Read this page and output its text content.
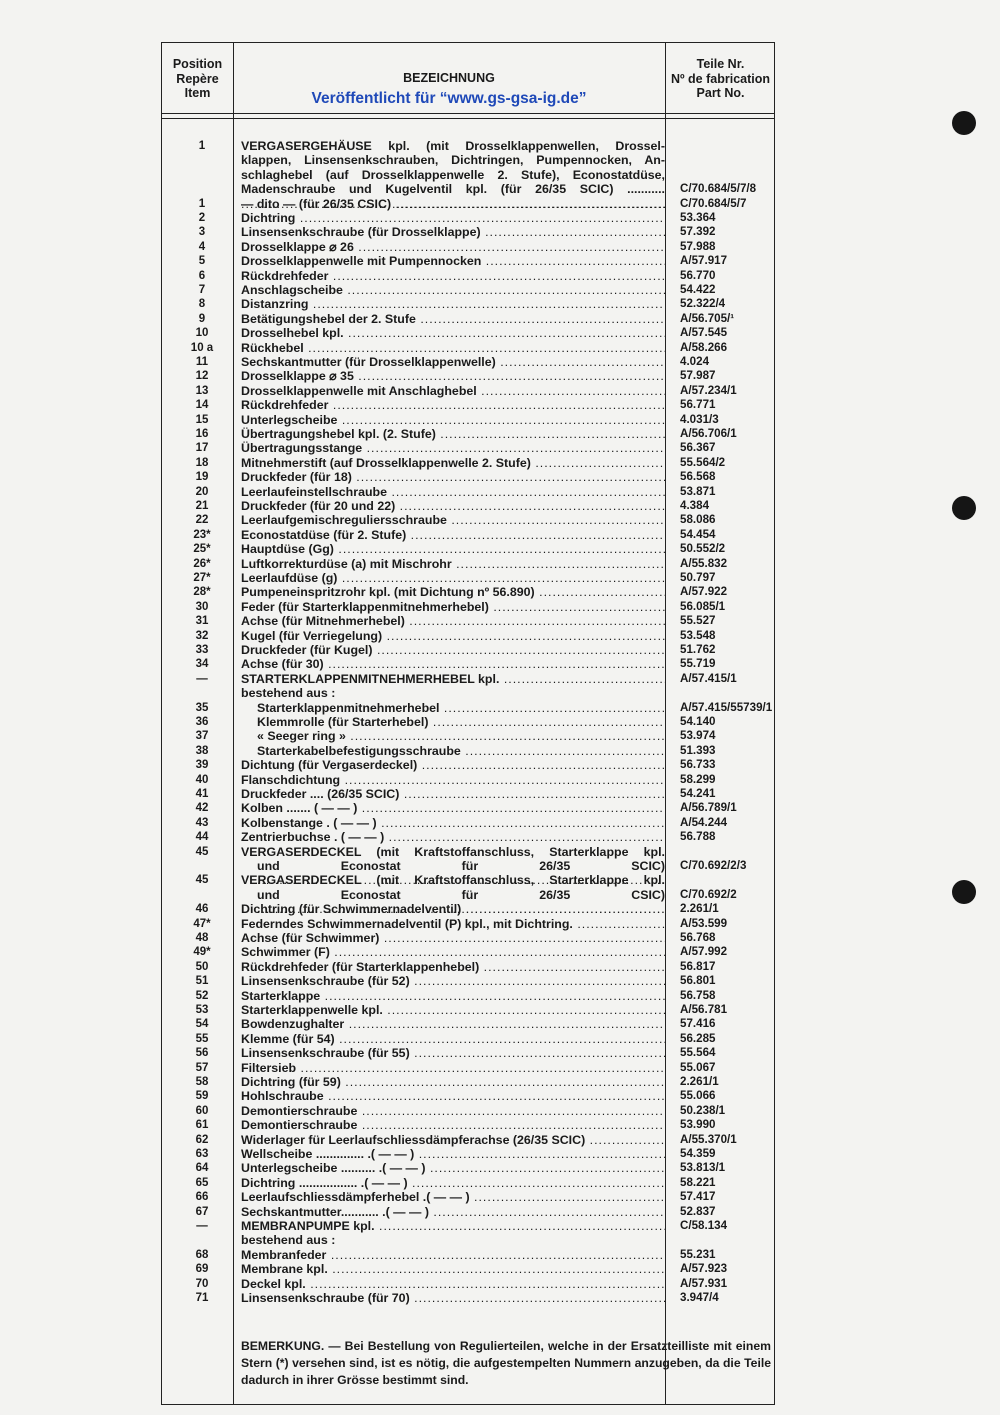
Position
Repère
Item
BEZEICHNUNG
Veröffentlicht für “www.gs-gsa-ig.de”
Teile Nr.
Nº de fabrication
Part No.
1	VERGASERGEHÄUSE kpl. (mit Drosselklappenwellen, Drossel-
klappen, Linsensenkschrauben, Dichtringen, Pumpennocken, An-
schlaghebel (auf Drosselklappenwelle 2. Stufe), Econostatdüse,
Madenschraube und Kugelventil kpl. (für 26/35 SCIC) ........... ..... C/70.684/5/7/8
1	— dito — (für 26/35 CSIC) .....	C/70.684/5/7
2	Dichtring .....	53.364
3	Linsensenkschraube (für Drosselklappe) .....	57.392
4	Drosselklappe ⌀ 26 .....	57.988
5	Drosselklappenwelle mit Pumpennocken .....	A/57.917
6	Rückdrehfeder .....	56.770
7	Anschlagscheibe .....	54.422
8	Distanzring .....	52.322/4
9	Betätigungshebel der 2. Stufe .....	A/56.705/¹
10	Drosselhebel kpl. .....	A/57.545
10 a	Rückhebel .....	A/58.266
11	Sechskantmutter (für Drosselklappenwelle) .....	4.024
12	Drosselklappe ⌀ 35 .....	57.987
13	Drosselklappenwelle mit Anschlaghebel .....	A/57.234/1
14	Rückdrehfeder .....	56.771
15	Unterlegscheibe .....	4.031/3
16	Übertragungshebel kpl. (2. Stufe) .....	A/56.706/1
17	Übertragungsstange .....	56.367
18	Mitnehmerstift (auf Drosselklappenwelle 2. Stufe) .....	55.564/2
19	Druckfeder (für 18) .....	56.568
20	Leerlaufeinstellschraube .....	53.871
21	Druckfeder (für 20 und 22) .....	4.384
22	Leerlaufgemischreguliersschraube .....	58.086
23*	Econostatdüse (für 2. Stufe) .....	54.454
25*	Hauptdüse (Gg) .....	50.552/2
26*	Luftkorrekturdüse (a) mit Mischrohr .....	A/55.832
27*	Leerlaufdüse (g) .....	50.797
28*	Pumpeneinspritzrohr kpl. (mit Dichtung nº 56.890) .....	A/57.922
30	Feder (für Starterklappenmitnehmerhebel) .....	56.085/1
31	Achse (für Mitnehmerhebel) .....	55.527
32	Kugel (für Verriegelung) .....	53.548
33	Druckfeder (für Kugel) .....	51.762
34	Achse (für 30) .....	55.719
—	STARTERKLAPPENMITNEHMERHEBEL kpl. .....	A/57.415/1
bestehend aus :
35	Starterklappenmitnehmerhebel .....	A/57.415/55739/1
36	Klemmrolle (für Starterhebel) .....	54.140
37	« Seeger ring » .....	53.974
38	Starterkabelbefestigungsschraube .....	51.393
39	Dichtung (für Vergaserdeckel) .....	56.733
40	Flanschdichtung .....	58.299
41	Druckfeder .... (26/35 SCIC) .....	54.241
42	Kolben ....... ( — — ) .....	A/56.789/1
43	Kolbenstange . ( — — ) .....	A/54.244
44	Zentrierbuchse . ( — — ) .....	56.788
45	VERGASERDECKEL (mit Kraftstoffanschluss, Starterklappe kpl.
und Econostat für 26/35 SCIC) ..... C/70.692/2/3
45	VERGASERDECKEL (mit Kraftstoffanschluss, Starterklappe kpl.
und Econostat für 26/35 CSIC) ..... C/70.692/2
46	Dichtring (für Schwimmernadelventil) .....	2.261/1
47*	Federndes Schwimmernadelventil (P) kpl., mit Dichtring. .....	A/53.599
48	Achse (für Schwimmer) .....	56.768
49*	Schwimmer (F) .....	A/57.992
50	Rückdrehfeder (für Starterklappenhebel) .....	56.817
51	Linsensenkschraube (für 52) .....	56.801
52	Starterklappe .....	56.758
53	Starterklappenwelle kpl. .....	A/56.781
54	Bowdenzughalter .....	57.416
55	Klemme (für 54) .....	56.285
56	Linsensenkschraube (für 55) .....	55.564
57	Filtersieb .....	55.067
58	Dichtring (für 59) .....	2.261/1
59	Hohlschraube .....	55.066
60	Demontierschraube .....	50.238/1
61	Demontierschraube .....	53.990
62	Widerlager für Leerlaufschliessdämpferachse (26/35 SCIC) .....	A/55.370/1
63	Wellscheibe .............. .( — — ) .....	54.359
64	Unterlegscheibe .......... .( — — ) .....	53.813/1
65	Dichtring ................. .( — — ) .....	58.221
66	Leerlaufschliessdämpferhebel .( — — ) .....	57.417
67	Sechskantmutter........... .( — — ) .....	52.837
—	MEMBRANPUMPE kpl. .....	C/58.134
bestehend aus :
68	Membranfeder .....	55.231
69	Membrane kpl. .....	A/57.923
70	Deckel kpl. .....	A/57.931
71	Linsensenkschraube (für 70) .....	3.947/4
BEMERKUNG. — Bei Bestellung von Regulierteilen, welche in der Ersatzteilliste mit einem Stern (*) versehen sind, ist es nötig, die aufgestempelten Nummern anzugeben, da die Teile dadurch in ihrer Grösse bestimmt sind.
